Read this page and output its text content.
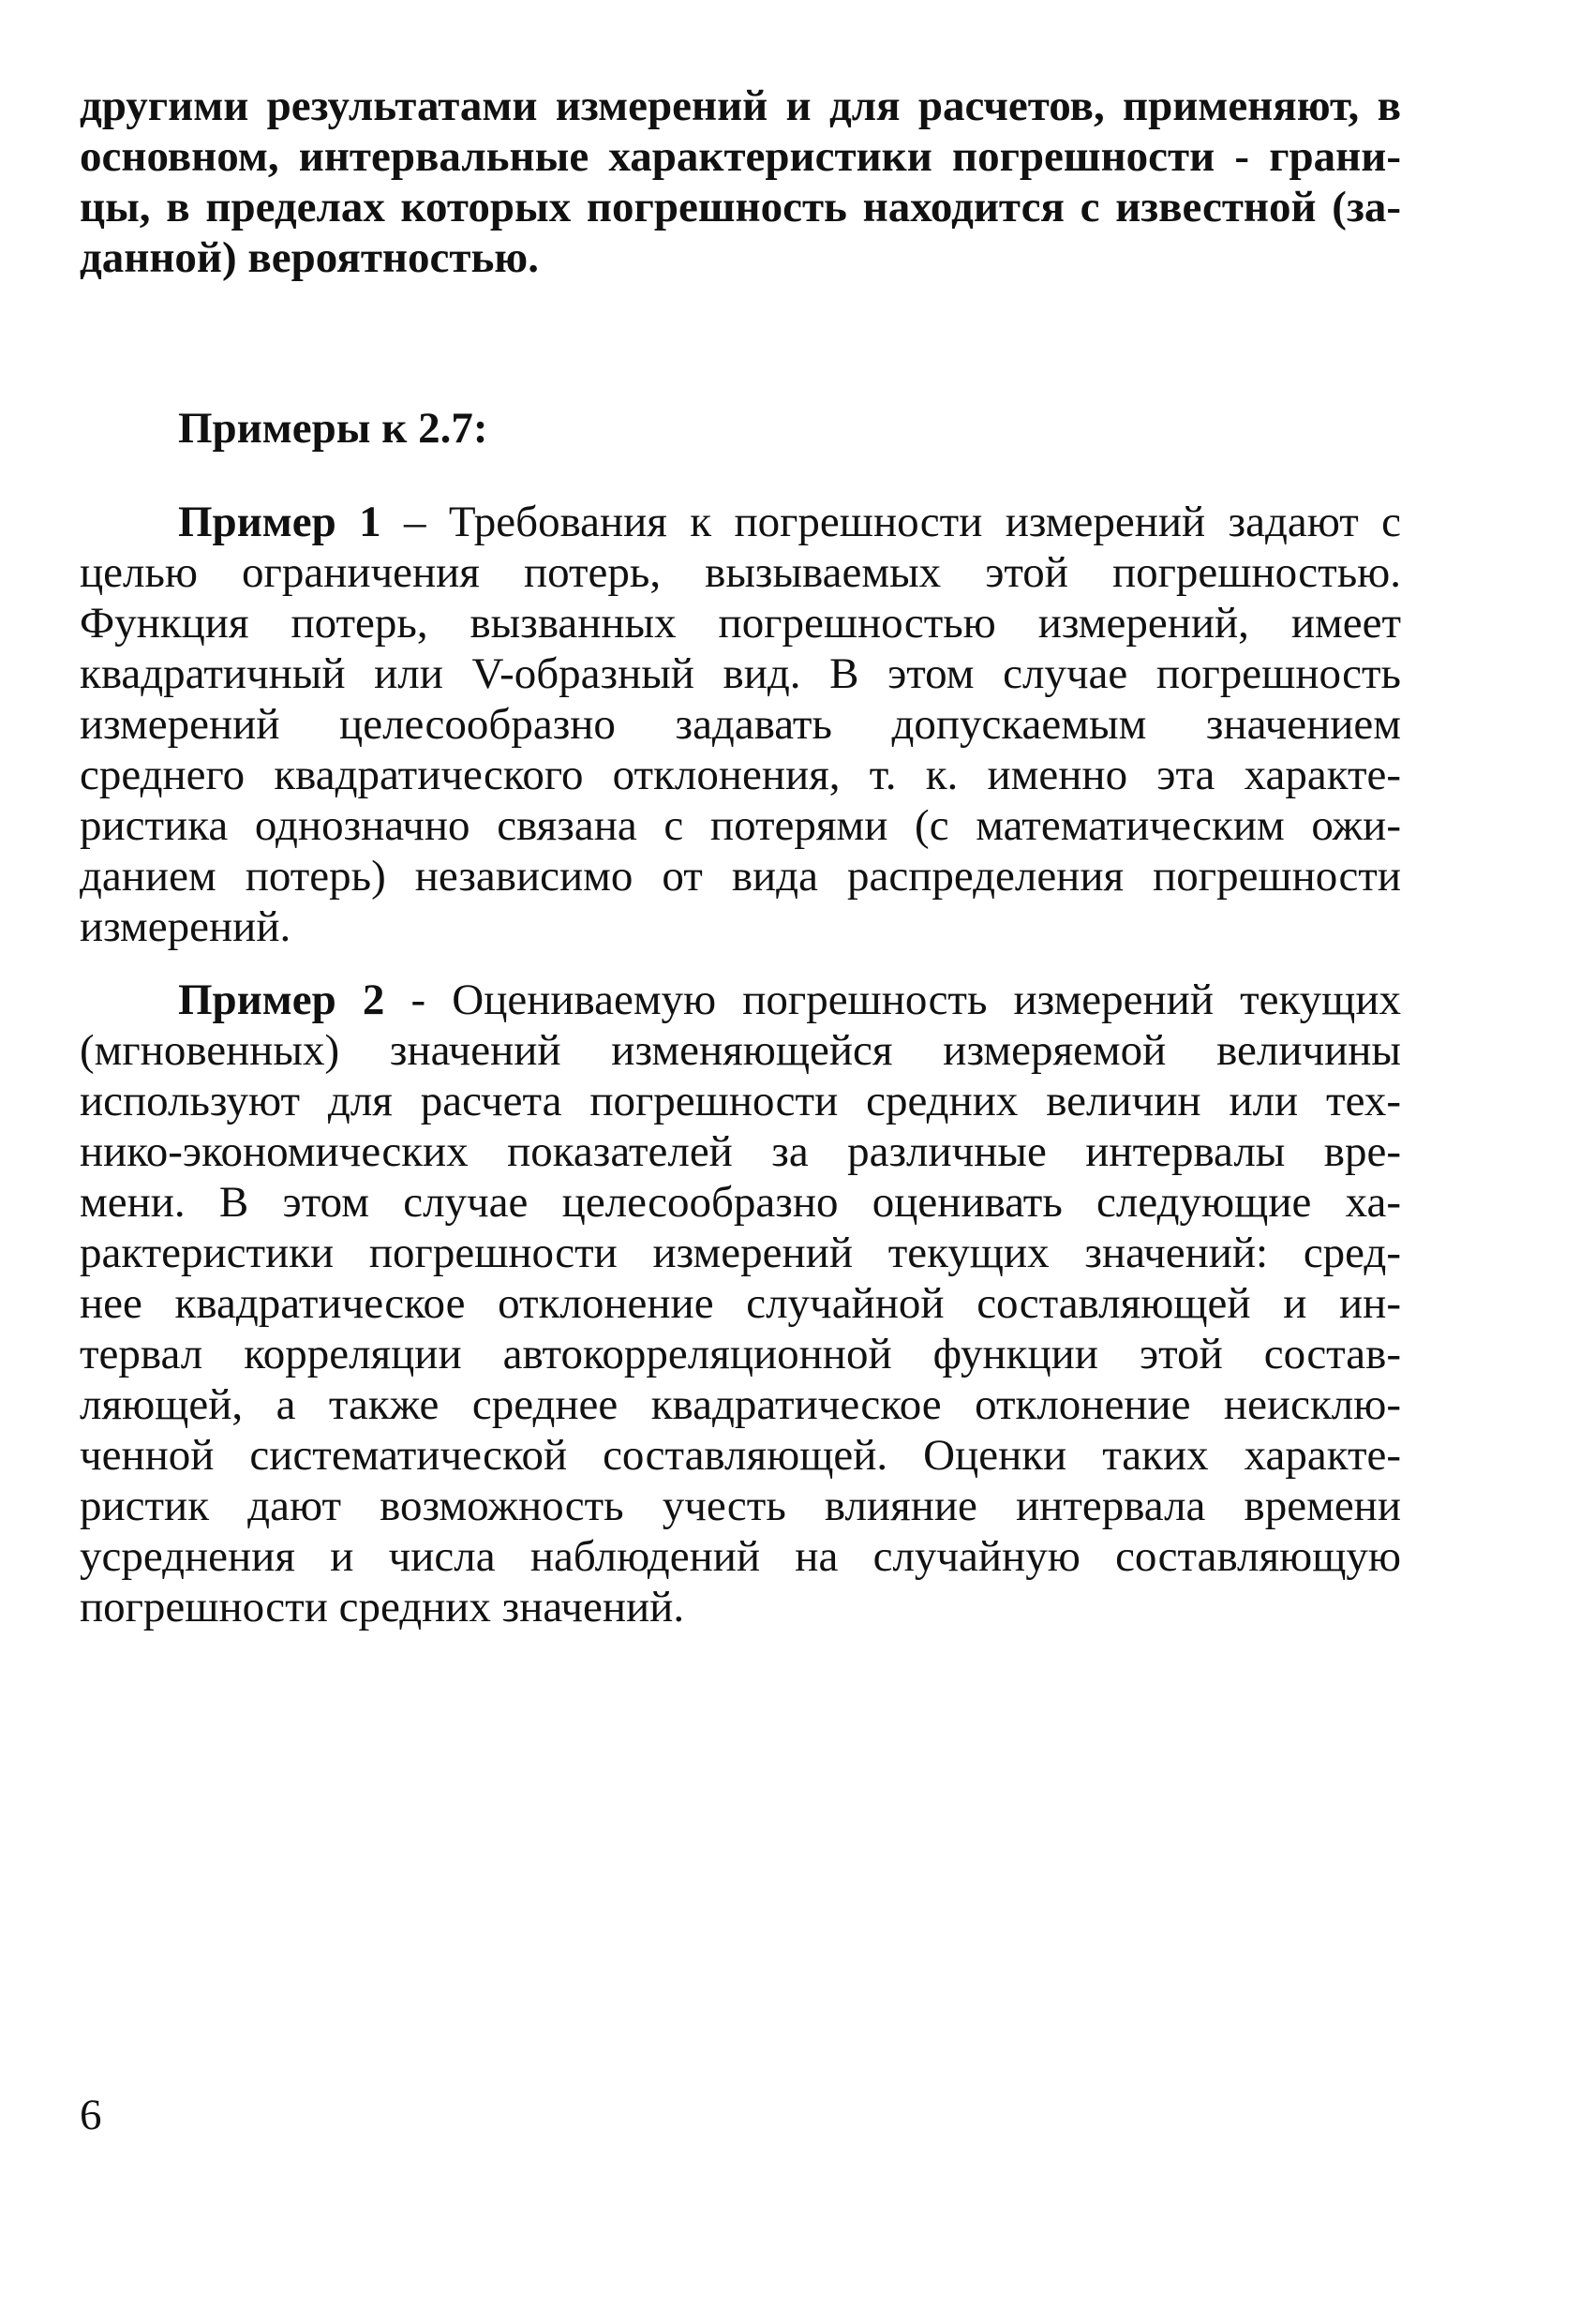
другими результатами измерений и для расчетов, применяют, в
основном, интервальные характеристики погрешности - грани-
цы, в пределах которых погрешность находится с известной (за-
данной) вероятностью.
Примеры к 2.7:
Пример 1 – Требования к погрешности измерений задают с
целью ограничения потерь, вызываемых этой погрешностью.
Функция потерь, вызванных погрешностью измерений, имеет
квадратичный или V-образный вид. В этом случае погрешность
измерений целесообразно задавать допускаемым значением
среднего квадратического отклонения, т. к. именно эта характе-
ристика однозначно связана с потерями (с математическим ожи-
данием потерь) независимо от вида распределения погрешности
измерений.
Пример 2 - Оцениваемую погрешность измерений текущих
(мгновенных) значений изменяющейся измеряемой величины
используют для расчета погрешности средних величин или тех-
нико-экономических показателей за различные интервалы вре-
мени. В этом случае целесообразно оценивать следующие ха-
рактеристики погрешности измерений текущих значений: сред-
нее квадратическое отклонение случайной составляющей и ин-
тервал корреляции автокорреляционной функции этой состав-
ляющей, а также среднее квадратическое отклонение неисклю-
ченной систематической составляющей. Оценки таких характе-
ристик дают возможность учесть влияние интервала времени
усреднения и числа наблюдений на случайную составляющую
погрешности средних значений.
6
